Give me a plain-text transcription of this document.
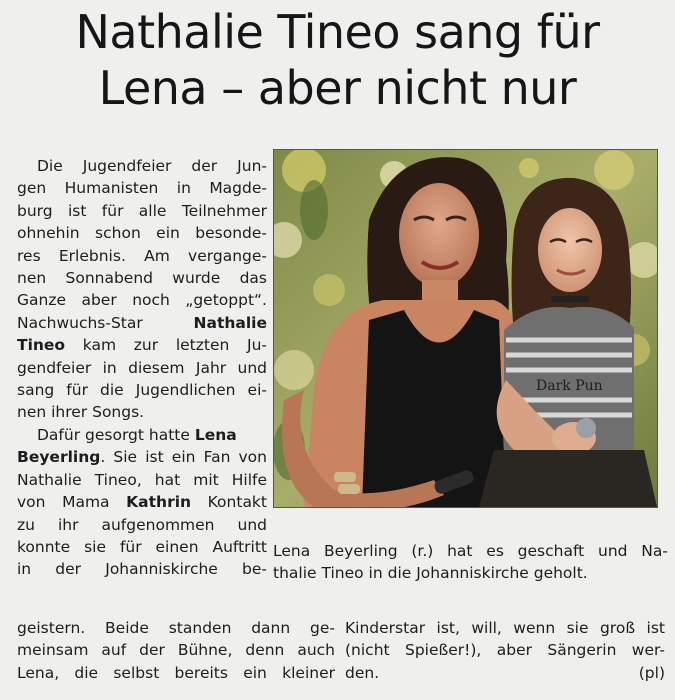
Nathalie Tineo sang für
Lena – aber nicht nur

Die Jugendfeier der Jun-

gen Humanisten in Magde-

burg ist für alle Teilnehmer

ohnehin schon ein besonde-

res Erlebnis. Am vergange-

nen Sonnabend wurde das

Ganze aber noch „getoppt“.

Nachwuchs-Star	Nathalie

Tineo kam zur letzten Ju-

gendfeier in diesem Jahr und

sang für die Jugendlichen ei-

nen ihrer Songs.

Dafür gesorgt hatte Lena

Beyerling. Sie ist ein Fan von

Nathalie Tineo, hat mit Hilfe

von Mama Kathrin Kontakt

zu ihr aufgenommen und

konnte sie für einen Auftritt

in der Johanniskirche be-

geistern. Beide standen dann ge-

meinsam auf der Bühne, denn auch

Lena, die selbst bereits ein kleiner

Dark Pun

Lena Beyerling (r.) hat es geschaft und Na-

thalie Tineo in die Johanniskirche geholt.

Kinderstar ist, will, wenn sie groß ist

(nicht Spießer!), aber Sängerin wer-

den.	(pl)
